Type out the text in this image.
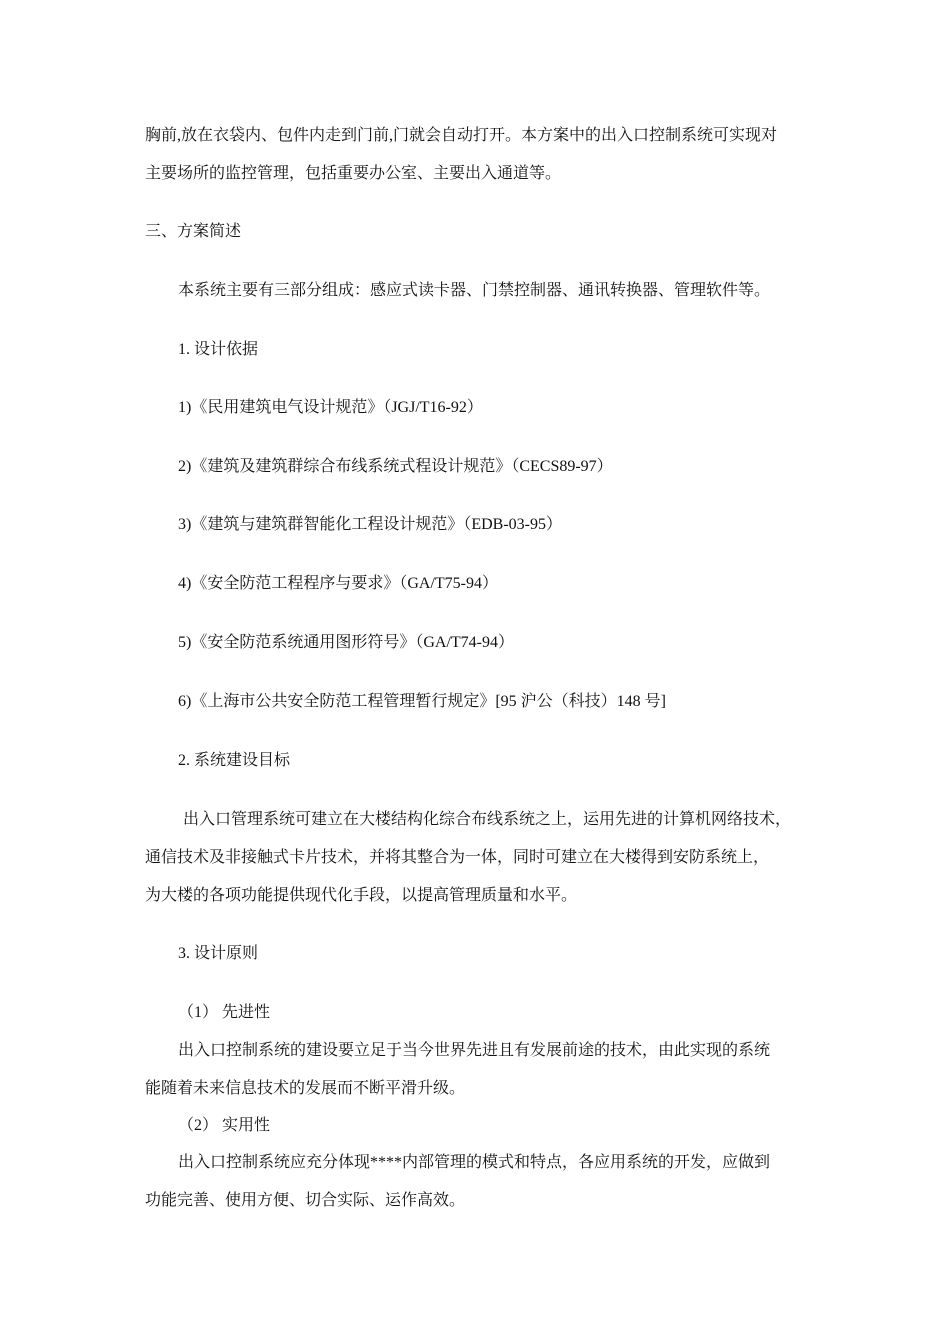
胸前,放在衣袋内、包件内走到门前,门就会自动打开。本方案中的出入口控制系统可实现对
主要场所的监控管理，包括重要办公室、主要出入通道等。
三、方案简述
本系统主要有三部分组成：感应式读卡器、门禁控制器、通讯转换器、管理软件等。
1. 设计依据
1)《民用建筑电气设计规范》（JGJ/T16-92）
2)《建筑及建筑群综合布线系统式程设计规范》（CECS89-97）
3)《建筑与建筑群智能化工程设计规范》（EDB-03-95）
4)《安全防范工程程序与要求》（GA/T75-94）
5)《安全防范系统通用图形符号》（GA/T74-94）
6)《上海市公共安全防范工程管理暂行规定》[95 沪公（科技）148 号]
2. 系统建设目标
出入口管理系统可建立在大楼结构化综合布线系统之上，运用先进的计算机网络技术，
通信技术及非接触式卡片技术，并将其整合为一体，同时可建立在大楼得到安防系统上，
为大楼的各项功能提供现代化手段，以提高管理质量和水平。
3. 设计原则
（1） 先进性
出入口控制系统的建设要立足于当今世界先进且有发展前途的技术，由此实现的系统
能随着未来信息技术的发展而不断平滑升级。
（2） 实用性
出入口控制系统应充分体现****内部管理的模式和特点，各应用系统的开发，应做到
功能完善、使用方便、切合实际、运作高效。
